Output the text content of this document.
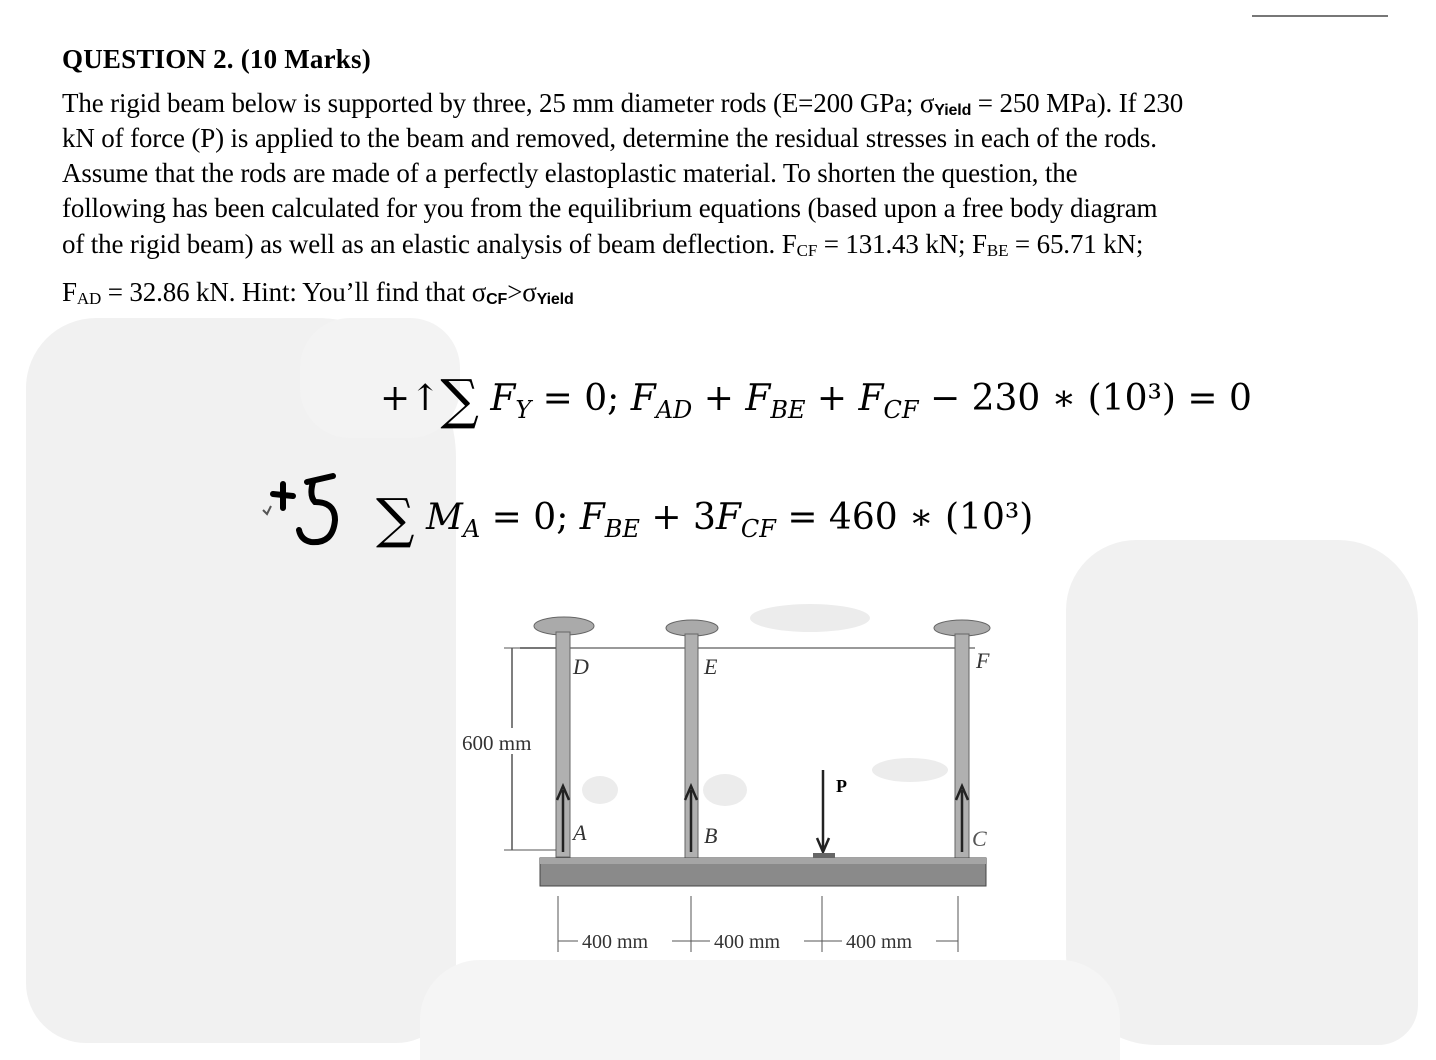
QUESTION 2. (10 Marks)
The rigid beam below is supported by three, 25 mm diameter rods (E=200 GPa; σYield = 250 MPa). If 230
kN of force (P) is applied to the beam and removed, determine the residual stresses in each of the rods.
Assume that the rods are made of a perfectly elastoplastic material. To shorten the question, the
following has been calculated for you from the equilibrium equations (based upon a free body diagram
of the rigid beam) as well as an elastic analysis of beam deflection. FCF = 131.43 kN; FBE = 65.71 kN;
FAD = 32.86 kN. Hint: You’ll find that σCF>σYield
+↑∑ $F_Y = 0$; $F_{AD} + F_{BE} + F_{CF} - 230$ ∗ (10³) = 0
∑ $M_A = 0$; $F_{BE} + 3F_{CF} = 460$ ∗ (10³)
600 mm
P
D	E	F
A	B	C
400 mm	400 mm	400 mm
